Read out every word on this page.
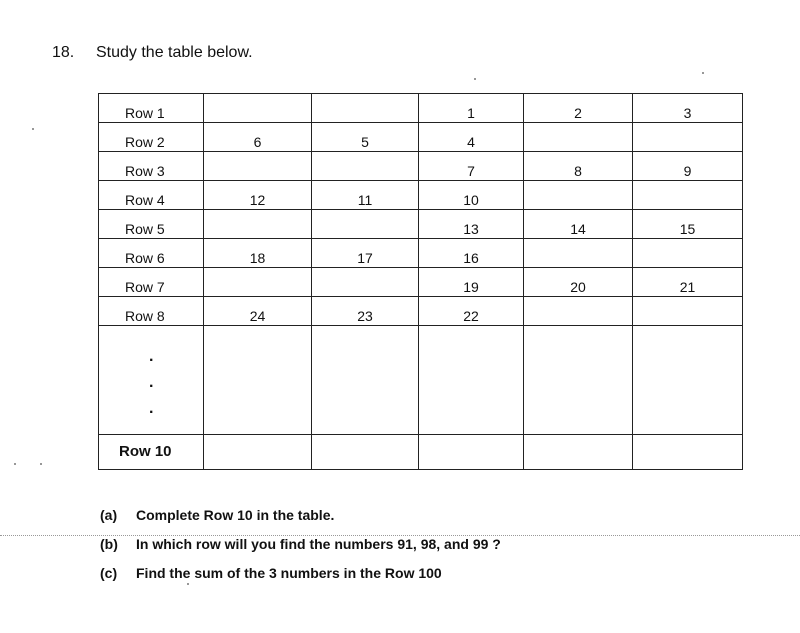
18.	Study the table below.
Row 1			1	2	3
Row 2	6	5	4		
Row 3			7	8	9
Row 4	12	11	10		
Row 5			13	14	15
Row 6	18	17	16		
Row 7			19	20	21
Row 8	24	23	22		

·
·
·					

Row 10					
(a)	Complete Row 10 in the table.
(b)	In which row will you find the numbers 91, 98, and 99 ?
(c)	Find the sum of the 3 numbers in the Row 100
